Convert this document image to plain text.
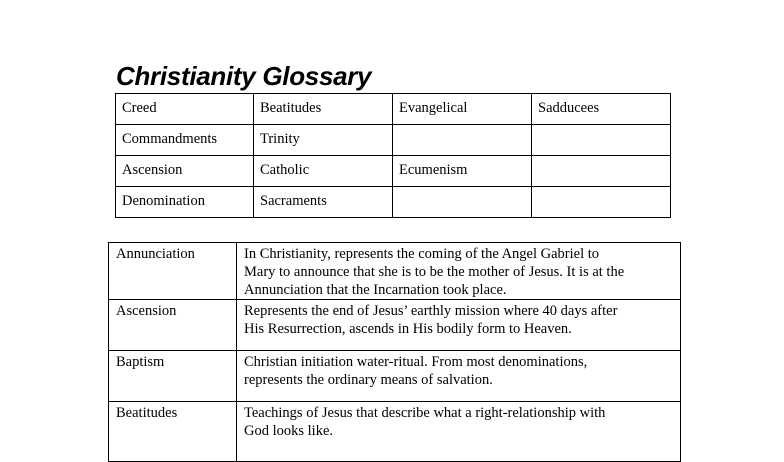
Christianity Glossary
Creed	Beatitudes	Evangelical	Sadducees
Commandments	Trinity		
Ascension	Catholic	Ecumenism	
Denomination	Sacraments		
Annunciation	In Christianity, represents the coming of the Angel Gabriel to
Mary to announce that she is to be the mother of Jesus. It is at the
Annunciation that the Incarnation took place.

Ascension	Represents the end of Jesus’ earthly mission where 40 days after
His Resurrection, ascends in His bodily form to Heaven.

Baptism	Christian initiation water-ritual. From most denominations,
represents the ordinary means of salvation.

Beatitudes	Teachings of Jesus that describe what a right-relationship with
God looks like.
